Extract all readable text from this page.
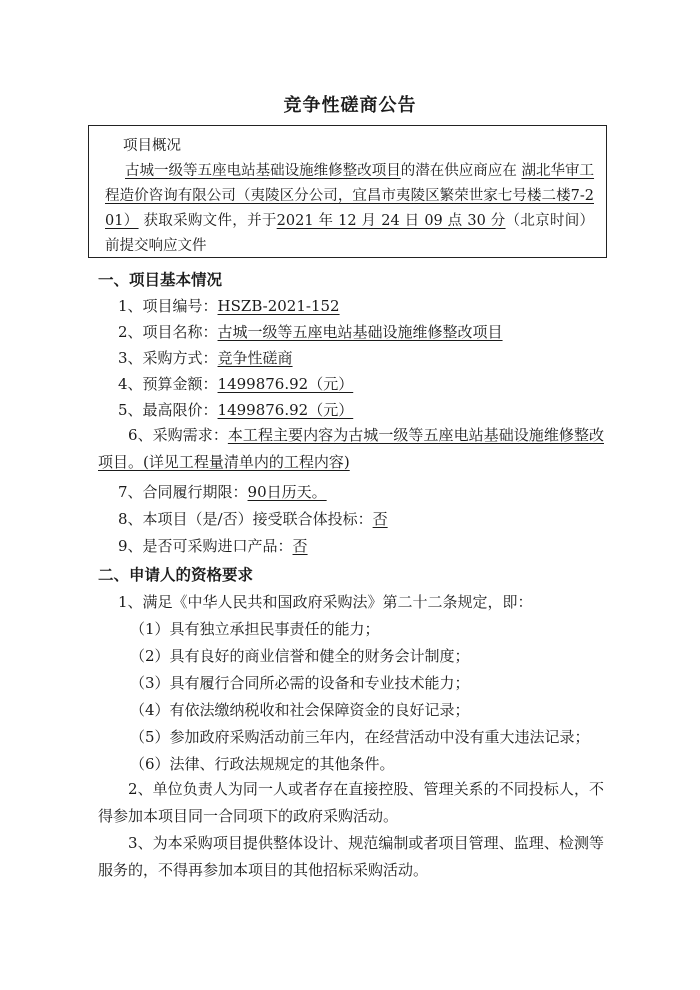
竞争性磋商公告
项目概况
古城一级等五座电站基础设施维修整改项目的潜在供应商应在 湖北华审工程造价咨询有限公司（夷陵区分公司，宜昌市夷陵区繁荣世家七号楼二楼7-201） 获取采购文件，并于2021 年 12 月 24 日 09 点 30 分（北京时间）前提交响应文件
一、项目基本情况
1、项目编号：HSZB-2021-152
2、项目名称：古城一级等五座电站基础设施维修整改项目
3、采购方式：竞争性磋商
4、预算金额：1499876.92（元）
5、最高限价：1499876.92（元）
6、采购需求：本工程主要内容为古城一级等五座电站基础设施维修整改项目。(详见工程量清单内的工程内容)
7、合同履行期限：90日历天。
8、本项目（是/否）接受联合体投标：否
9、是否可采购进口产品：否
二、申请人的资格要求
1、满足《中华人民共和国政府采购法》第二十二条规定，即：
（1）具有独立承担民事责任的能力；
（2）具有良好的商业信誉和健全的财务会计制度；
（3）具有履行合同所必需的设备和专业技术能力；
（4）有依法缴纳税收和社会保障资金的良好记录；
（5）参加政府采购活动前三年内，在经营活动中没有重大违法记录；
（6）法律、行政法规规定的其他条件。
2、单位负责人为同一人或者存在直接控股、管理关系的不同投标人，不得参加本项目同一合同项下的政府采购活动。
3、为本采购项目提供整体设计、规范编制或者项目管理、监理、检测等服务的，不得再参加本项目的其他招标采购活动。
